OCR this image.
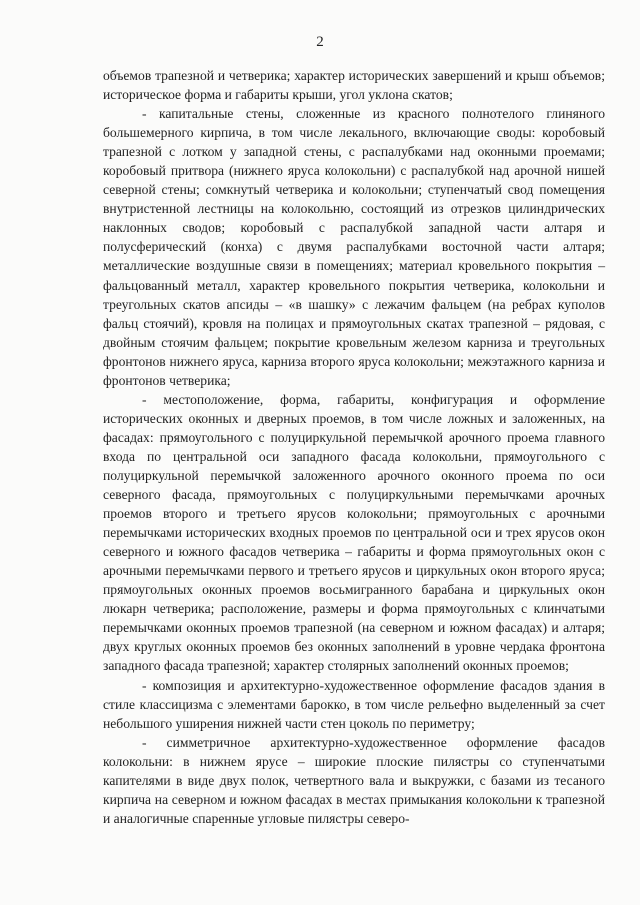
2

объемов трапезной и четверика; характер исторических завершений и крыш объемов; историческое форма и габариты крыши, угол уклона скатов;

- капитальные стены, сложенные из красного полнотелого глиняного большемерного кирпича, в том числе лекального, включающие своды: коробовый трапезной с лотком у западной стены, с распалубками над оконными проемами; коробовый притвора (нижнего яруса колокольни) с распалубкой над арочной нишей северной стены; сомкнутый четверика и колокольни; ступенчатый свод помещения внутристенной лестницы на колокольню, состоящий из отрезков цилиндрических наклонных сводов; коробовый с распалубкой западной части алтаря и полусферический (конха) с двумя распалубками восточной части алтаря; металлические воздушные связи в помещениях; материал кровельного покрытия – фальцованный металл, характер кровельного покрытия четверика, колокольни и треугольных скатов апсиды – «в шашку» с лежачим фальцем (на ребрах куполов фальц стоячий), кровля на полицах и прямоугольных скатах трапезной – рядовая, с двойным стоячим фальцем; покрытие кровельным железом карниза и треугольных фронтонов нижнего яруса, карниза второго яруса колокольни; межэтажного карниза и фронтонов четверика;

- местоположение, форма, габариты, конфигурация и оформление исторических оконных и дверных проемов, в том числе ложных и заложенных, на фасадах: прямоугольного с полуциркульной перемычкой арочного проема главного входа по центральной оси западного фасада колокольни, прямоугольного с полуциркульной перемычкой заложенного арочного оконного проема по оси северного фасада, прямоугольных с полуциркульными перемычками арочных проемов второго и третьего ярусов колокольни; прямоугольных с арочными перемычками исторических входных проемов по центральной оси и трех ярусов окон северного и южного фасадов четверика – габариты и форма прямоугольных окон с арочными перемычками первого и третьего ярусов и циркульных окон второго яруса; прямоугольных оконных проемов восьмигранного барабана и циркульных окон люкарн четверика; расположение, размеры и форма прямоугольных с клинчатыми перемычками оконных проемов трапезной (на северном и южном фасадах) и алтаря; двух круглых оконных проемов без оконных заполнений в уровне чердака фронтона западного фасада трапезной; характер столярных заполнений оконных проемов;

- композиция и архитектурно-художественное оформление фасадов здания в стиле классицизма с элементами барокко, в том числе рельефно выделенный за счет небольшого уширения нижней части стен цоколь по периметру;

- симметричное архитектурно-художественное оформление фасадов колокольни: в нижнем ярусе – широкие плоские пилястры со ступенчатыми капителями в виде двух полок, четвертного вала и выкружки, с базами из тесаного кирпича на северном и южном фасадах в местах примыкания колокольни к трапезной и аналогичные спаренные угловые пилястры северо-
